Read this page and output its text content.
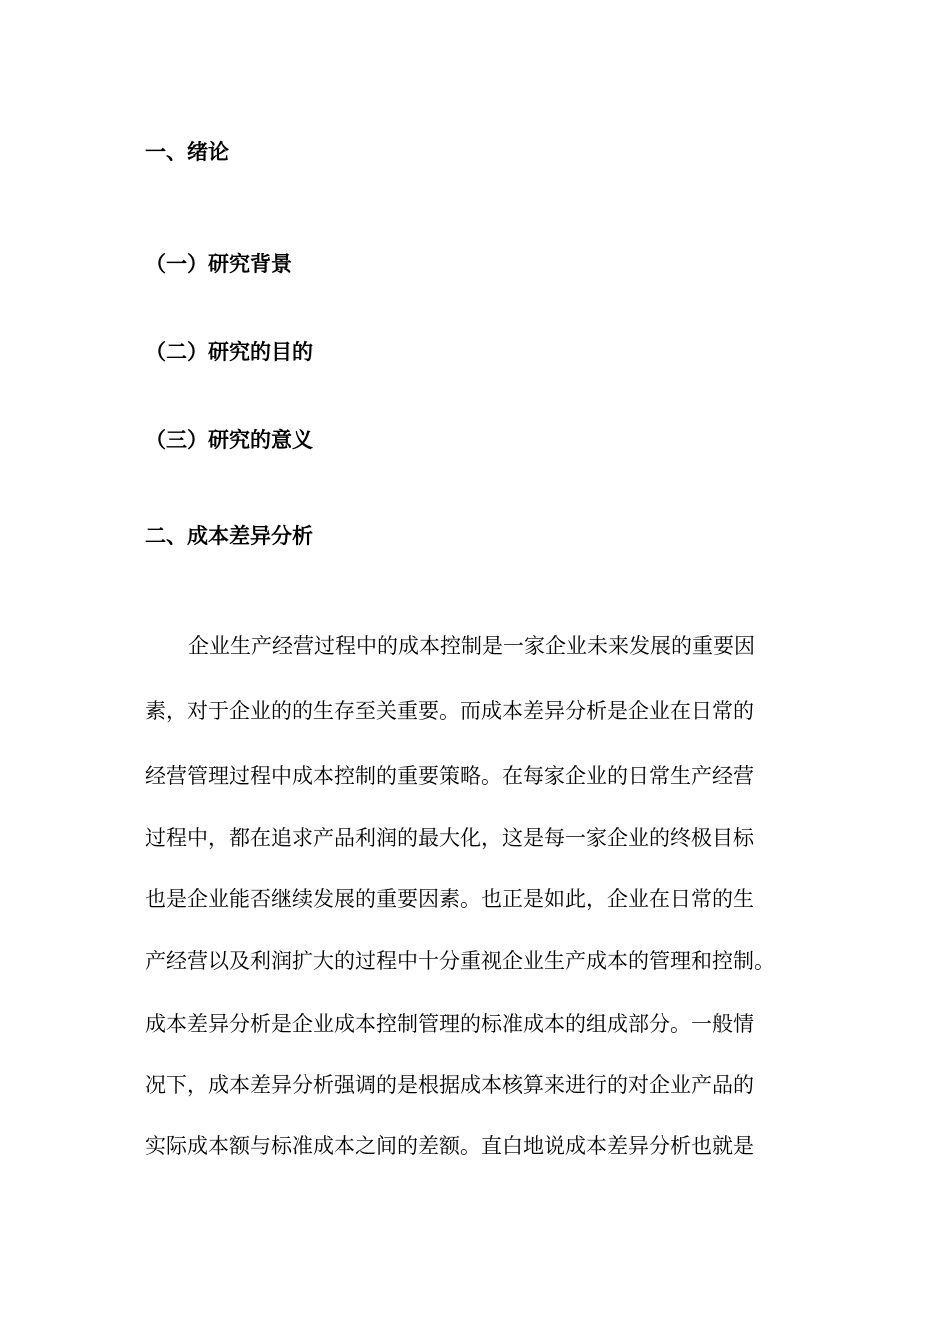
一、绪论
（一）研究背景
（二）研究的目的
（三）研究的意义
二、成本差异分析

企业生产经营过程中的成本控制是一家企业未来发展的重要因

素，对于企业的的生存至关重要。而成本差异分析是企业在日常的

经营管理过程中成本控制的重要策略。在每家企业的日常生产经营

过程中，都在追求产品利润的最大化，这是每一家企业的终极目标

也是企业能否继续发展的重要因素。也正是如此，企业在日常的生

产经营以及利润扩大的过程中十分重视企业生产成本的管理和控制。

成本差异分析是企业成本控制管理的标准成本的组成部分。一般情

况下，成本差异分析强调的是根据成本核算来进行的对企业产品的

实际成本额与标准成本之间的差额。直白地说成本差异分析也就是
